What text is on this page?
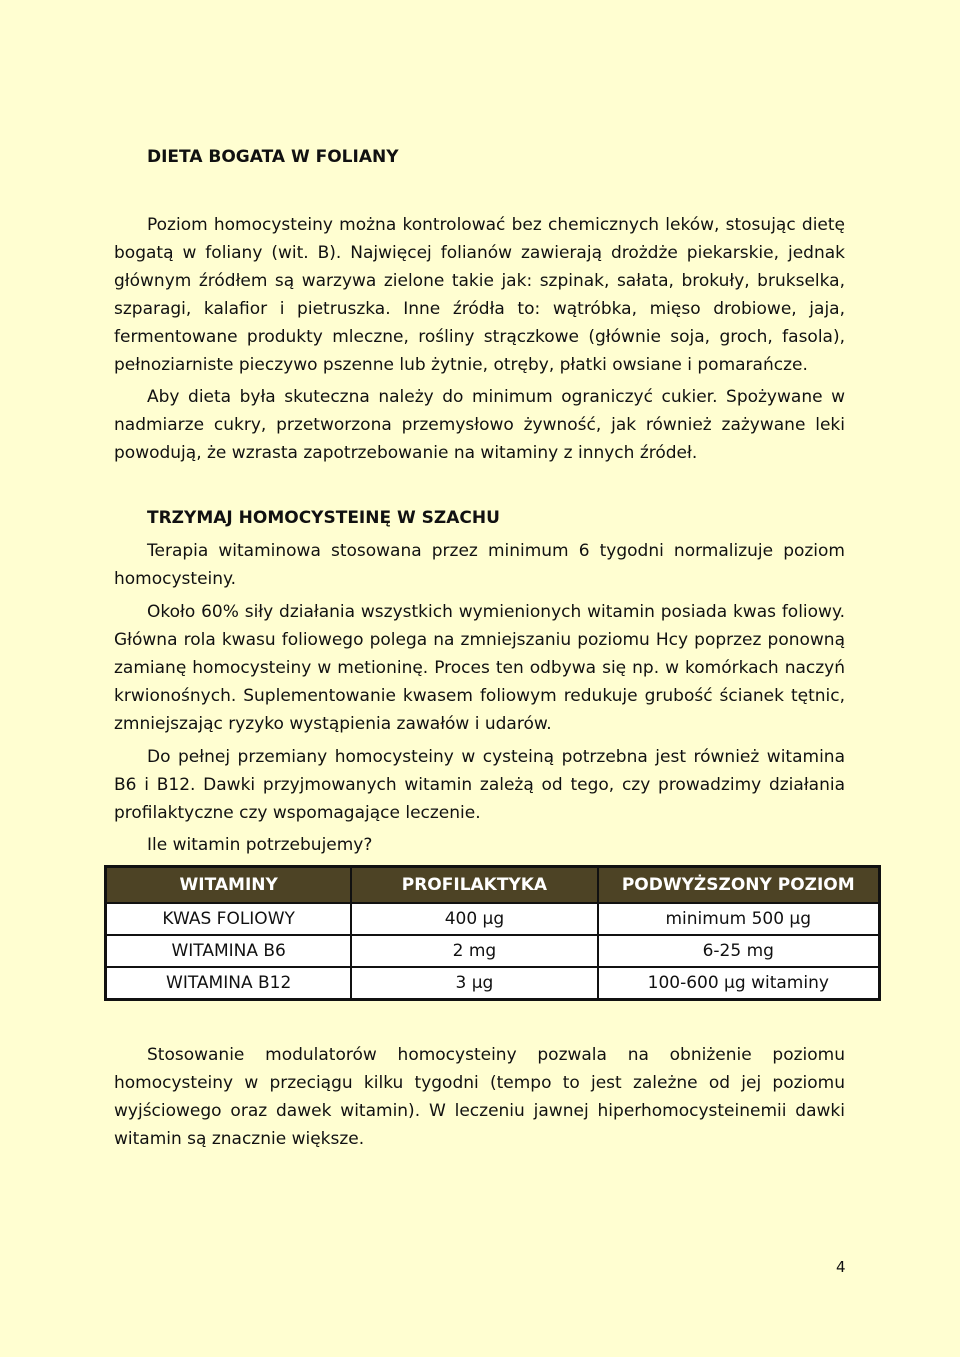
DIETA BOGATA W FOLIANY

Poziom homocysteiny można kontrolować bez chemicznych leków, stosując dietę bogatą w foliany (wit. B). Najwięcej folianów zawierają drożdże piekarskie, jednak głównym źródłem są warzywa zielone takie jak: szpinak, sałata, brokuły, brukselka, szparagi, kalafior i pietruszka. Inne źródła to: wątróbka, mięso drobiowe, jaja, fermentowane produkty mleczne, rośliny strączkowe (głównie soja, groch, fasola), pełnoziarniste pieczywo pszenne lub żytnie, otręby, płatki owsiane i pomarańcze.

Aby dieta była skuteczna należy do minimum ograniczyć cukier. Spożywane w nadmiarze cukry, przetworzona przemysłowo żywność, jak również zażywane leki powodują, że wzrasta zapotrzebowanie na witaminy z innych źródeł.

TRZYMAJ HOMOCYSTEINĘ W SZACHU

Terapia witaminowa stosowana przez minimum 6 tygodni normalizuje poziom homocysteiny.

Około 60% siły działania wszystkich wymienionych witamin posiada kwas foliowy. Główna rola kwasu foliowego polega na zmniejszaniu poziomu Hcy poprzez ponowną zamianę homocysteiny w metioninę. Proces ten odbywa się np. w komórkach naczyń krwionośnych. Suplementowanie kwasem foliowym redukuje grubość ścianek tętnic, zmniejszając ryzyko wystąpienia zawałów i udarów.

Do pełnej przemiany homocysteiny w cysteiną potrzebna jest również witamina B6 i B12. Dawki przyjmowanych witamin zależą od tego, czy prowadzimy działania profilaktyczne czy wspomagające leczenie.

Ile witamin potrzebujemy?

WITAMINY	PROFILAKTYKA	PODWYŻSZONY POZIOM
KWAS FOLIOWY	400 μg	minimum 500 μg
WITAMINA B6	2 mg	6-25 mg
WITAMINA B12	3 μg	100-600 μg witaminy

Stosowanie modulatorów homocysteiny pozwala na obniżenie poziomu homocysteiny w przeciągu kilku tygodni (tempo to jest zależne od jej poziomu wyjściowego oraz dawek witamin). W leczeniu jawnej hiperhomocysteinemii dawki witamin są znacznie większe.

4
